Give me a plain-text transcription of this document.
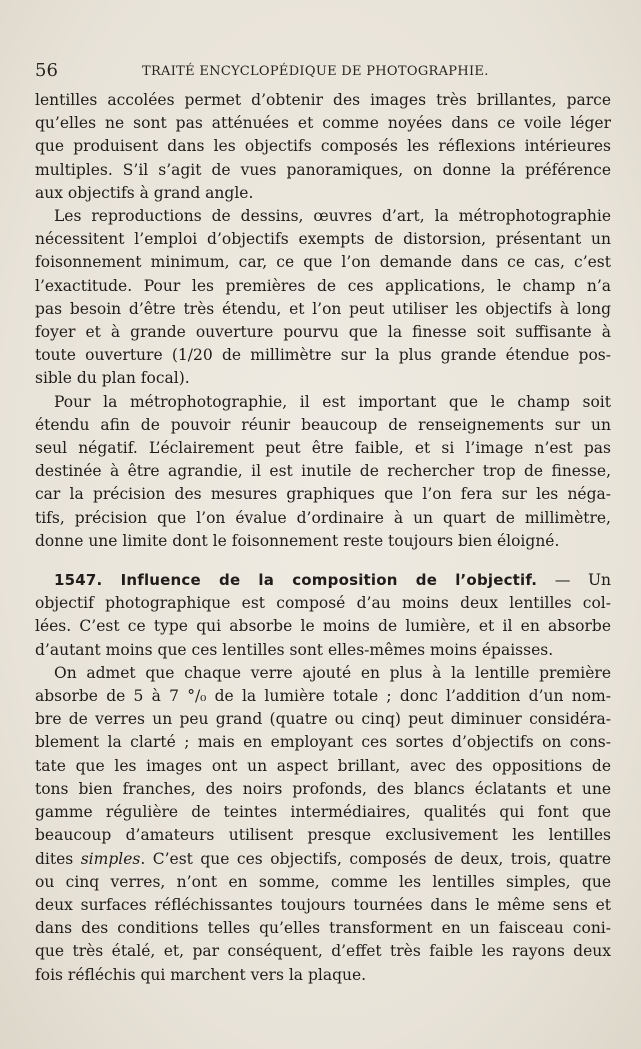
56	TRAITÉ ENCYCLOPÉDIQUE DE PHOTOGRAPHIE.

lentilles accolées permet d’obtenir des images très brillantes, parce
qu’elles ne sont pas atténuées et comme noyées dans ce voile léger
que produisent dans les objectifs composés les réflexions intérieures
multiples. S’il s’agit de vues panoramiques, on donne la préférence
aux objectifs à grand angle.

Les reproductions de dessins, œuvres d’art, la métrophotographie
nécessitent l’emploi d’objectifs exempts de distorsion, présentant un
foisonnement minimum, car, ce que l’on demande dans ce cas, c’est
l’exactitude. Pour les premières de ces applications, le champ n’a
pas besoin d’être très étendu, et l’on peut utiliser les objectifs à long
foyer et à grande ouverture pourvu que la finesse soit suffisante à
toute ouverture (1/20 de millimètre sur la plus grande étendue pos-
sible du plan focal).

Pour la métrophotographie, il est important que le champ soit
étendu afin de pouvoir réunir beaucoup de renseignements sur un
seul négatif. L’éclairement peut être faible, et si l’image n’est pas
destinée à être agrandie, il est inutile de rechercher trop de finesse,
car la précision des mesures graphiques que l’on fera sur les néga-
tifs, précision que l’on évalue d’ordinaire à un quart de millimètre,
donne une limite dont le foisonnement reste toujours bien éloigné.

1547. Influence de la composition de l’objectif. — Un
objectif photographique est composé d’au moins deux lentilles col-
lées. C’est ce type qui absorbe le moins de lumière, et il en absorbe
d’autant moins que ces lentilles sont elles-mêmes moins épaisses.

On admet que chaque verre ajouté en plus à la lentille première
absorbe de 5 à 7 °/₀ de la lumière totale ; donc l’addition d’un nom-
bre de verres un peu grand (quatre ou cinq) peut diminuer considéra-
blement la clarté ; mais en employant ces sortes d’objectifs on cons-
tate que les images ont un aspect brillant, avec des oppositions de
tons bien franches, des noirs profonds, des blancs éclatants et une
gamme régulière de teintes intermédiaires, qualités qui font que
beaucoup d’amateurs utilisent presque exclusivement les lentilles
dites simples. C’est que ces objectifs, composés de deux, trois, quatre
ou cinq verres, n’ont en somme, comme les lentilles simples, que
deux surfaces réfléchissantes toujours tournées dans le même sens et
dans des conditions telles qu’elles transforment en un faisceau coni-
que très étalé, et, par conséquent, d’effet très faible les rayons deux
fois réfléchis qui marchent vers la plaque.
